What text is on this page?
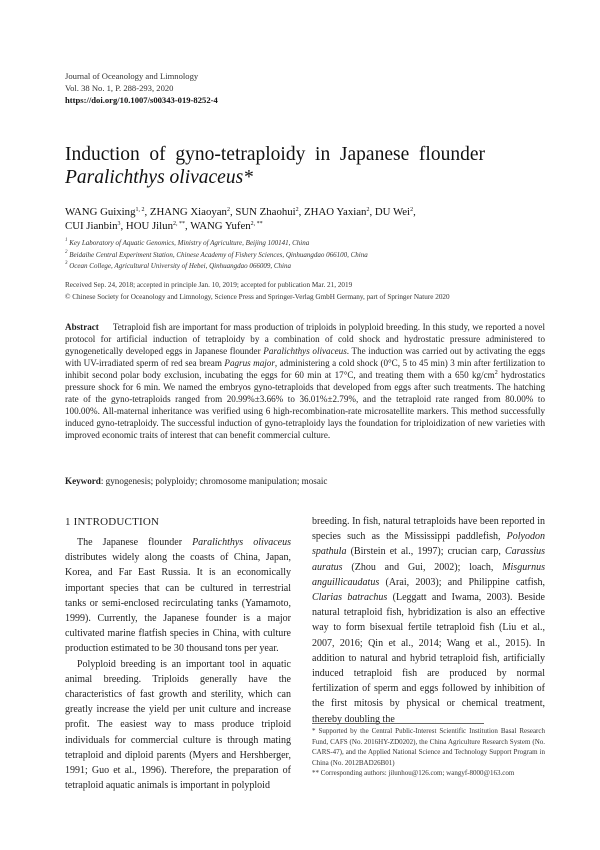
Journal of Oceanology and Limnology
Vol. 38 No. 1, P. 288-293, 2020
https://doi.org/10.1007/s00343-019-8252-4
Induction of gyno-tetraploidy in Japanese flounder
Paralichthys olivaceus*
WANG Guixing$^{1, 2}$, ZHANG Xiaoyan$^2$, SUN Zhaohui$^2$, ZHAO Yaxian$^2$, DU Wei$^2$,
CUI Jianbin$^3$, HOU Jilun$^{2, **}$, WANG Yufen$^{2, **}$
$^1$ Key Laboratory of Aquatic Genomics, Ministry of Agriculture, Beijing 100141, China
$^2$ Beidaihe Central Experiment Station, Chinese Academy of Fishery Sciences, Qinhuangdao 066100, China
$^3$ Ocean College, Agricultural University of Hebei, Qinhuangdao 066009, China
Received Sep. 24, 2018; accepted in principle Jan. 10, 2019; accepted for publication Mar. 21, 2019
© Chinese Society for Oceanology and Limnology, Science Press and Springer-Verlag GmbH Germany, part of Springer Nature 2020
Abstract Tetraploid fish are important for mass production of triploids in polyploid breeding. In this study, we reported a novel protocol for artificial induction of tetraploidy by a combination of cold shock and hydrostatic pressure administered to gynogenetically developed eggs in Japanese flounder Paralichthys olivaceus. The induction was carried out by activating the eggs with UV-irradiated sperm of red sea bream Pagrus major, administering a cold shock (0°C, 5 to 45 min) 3 min after fertilization to inhibit second polar body exclusion, incubating the eggs for 60 min at 17°C, and treating them with a 650 $kg/cm^2$ hydrostatics pressure shock for 6 min. We named the embryos gyno-tetraploids that developed from eggs after such treatments. The hatching rate of the gyno-tetraploids ranged from 20.99%±3.66% to 36.01%±2.79%, and the tetraploid rate ranged from 80.00% to 100.00%. All-maternal inheritance was verified using 6 high-recombination-rate microsatellite markers. This method successfully induced gyno-tetraploidy. The successful induction of gyno-tetraploidy lays the foundation for triploidization of new varieties with improved economic traits of interest that can benefit commercial culture.
Keyword: gynogenesis; polyploidy; chromosome manipulation; mosaic
1 INTRODUCTION

The Japanese flounder Paralichthys olivaceus distributes widely along the coasts of China, Japan, Korea, and Far East Russia. It is an economically important species that can be cultured in terrestrial tanks or semi-enclosed recirculating tanks (Yamamoto, 1999). Currently, the Japanese founder is a major cultivated marine flatfish species in China, with culture production estimated to be 30 thousand tons per year.

Polyploid breeding is an important tool in aquatic animal breeding. Triploids generally have the characteristics of fast growth and sterility, which can greatly increase the yield per unit culture and increase profit. The easiest way to mass produce triploid individuals for commercial culture is through mating tetraploid and diploid parents (Myers and Hershberger, 1991; Guo et al., 1996). Therefore, the preparation of tetraploid aquatic animals is important in polyploid

breeding. In fish, natural tetraploids have been reported in species such as the Mississippi paddlefish, Polyodon spathula (Birstein et al., 1997); crucian carp, Carassius auratus (Zhou and Gui, 2002); loach, Misgurnus anguillicaudatus (Arai, 2003); and Philippine catfish, Clarias batrachus (Leggatt and Iwama, 2003). Beside natural tetraploid fish, hybridization is also an effective way to form bisexual fertile tetraploid fish (Liu et al., 2007, 2016; Qin et al., 2014; Wang et al., 2015). In addition to natural and hybrid tetraploid fish, artificially induced tetraploid fish are produced by normal fertilization of sperm and eggs followed by inhibition of the first mitosis by physical or chemical treatment, thereby doubling the

* Supported by the Central Public-Interest Scientific Institution Basal Research Fund, CAFS (No. 2016HY-ZD0202), the China Agriculture Research System (No. CARS-47), and the Applied National Science and Technology Support Program in China (No. 2012BAD26B01)
** Corresponding authors: jilunhou@126.com; wangyf-8000@163.com
